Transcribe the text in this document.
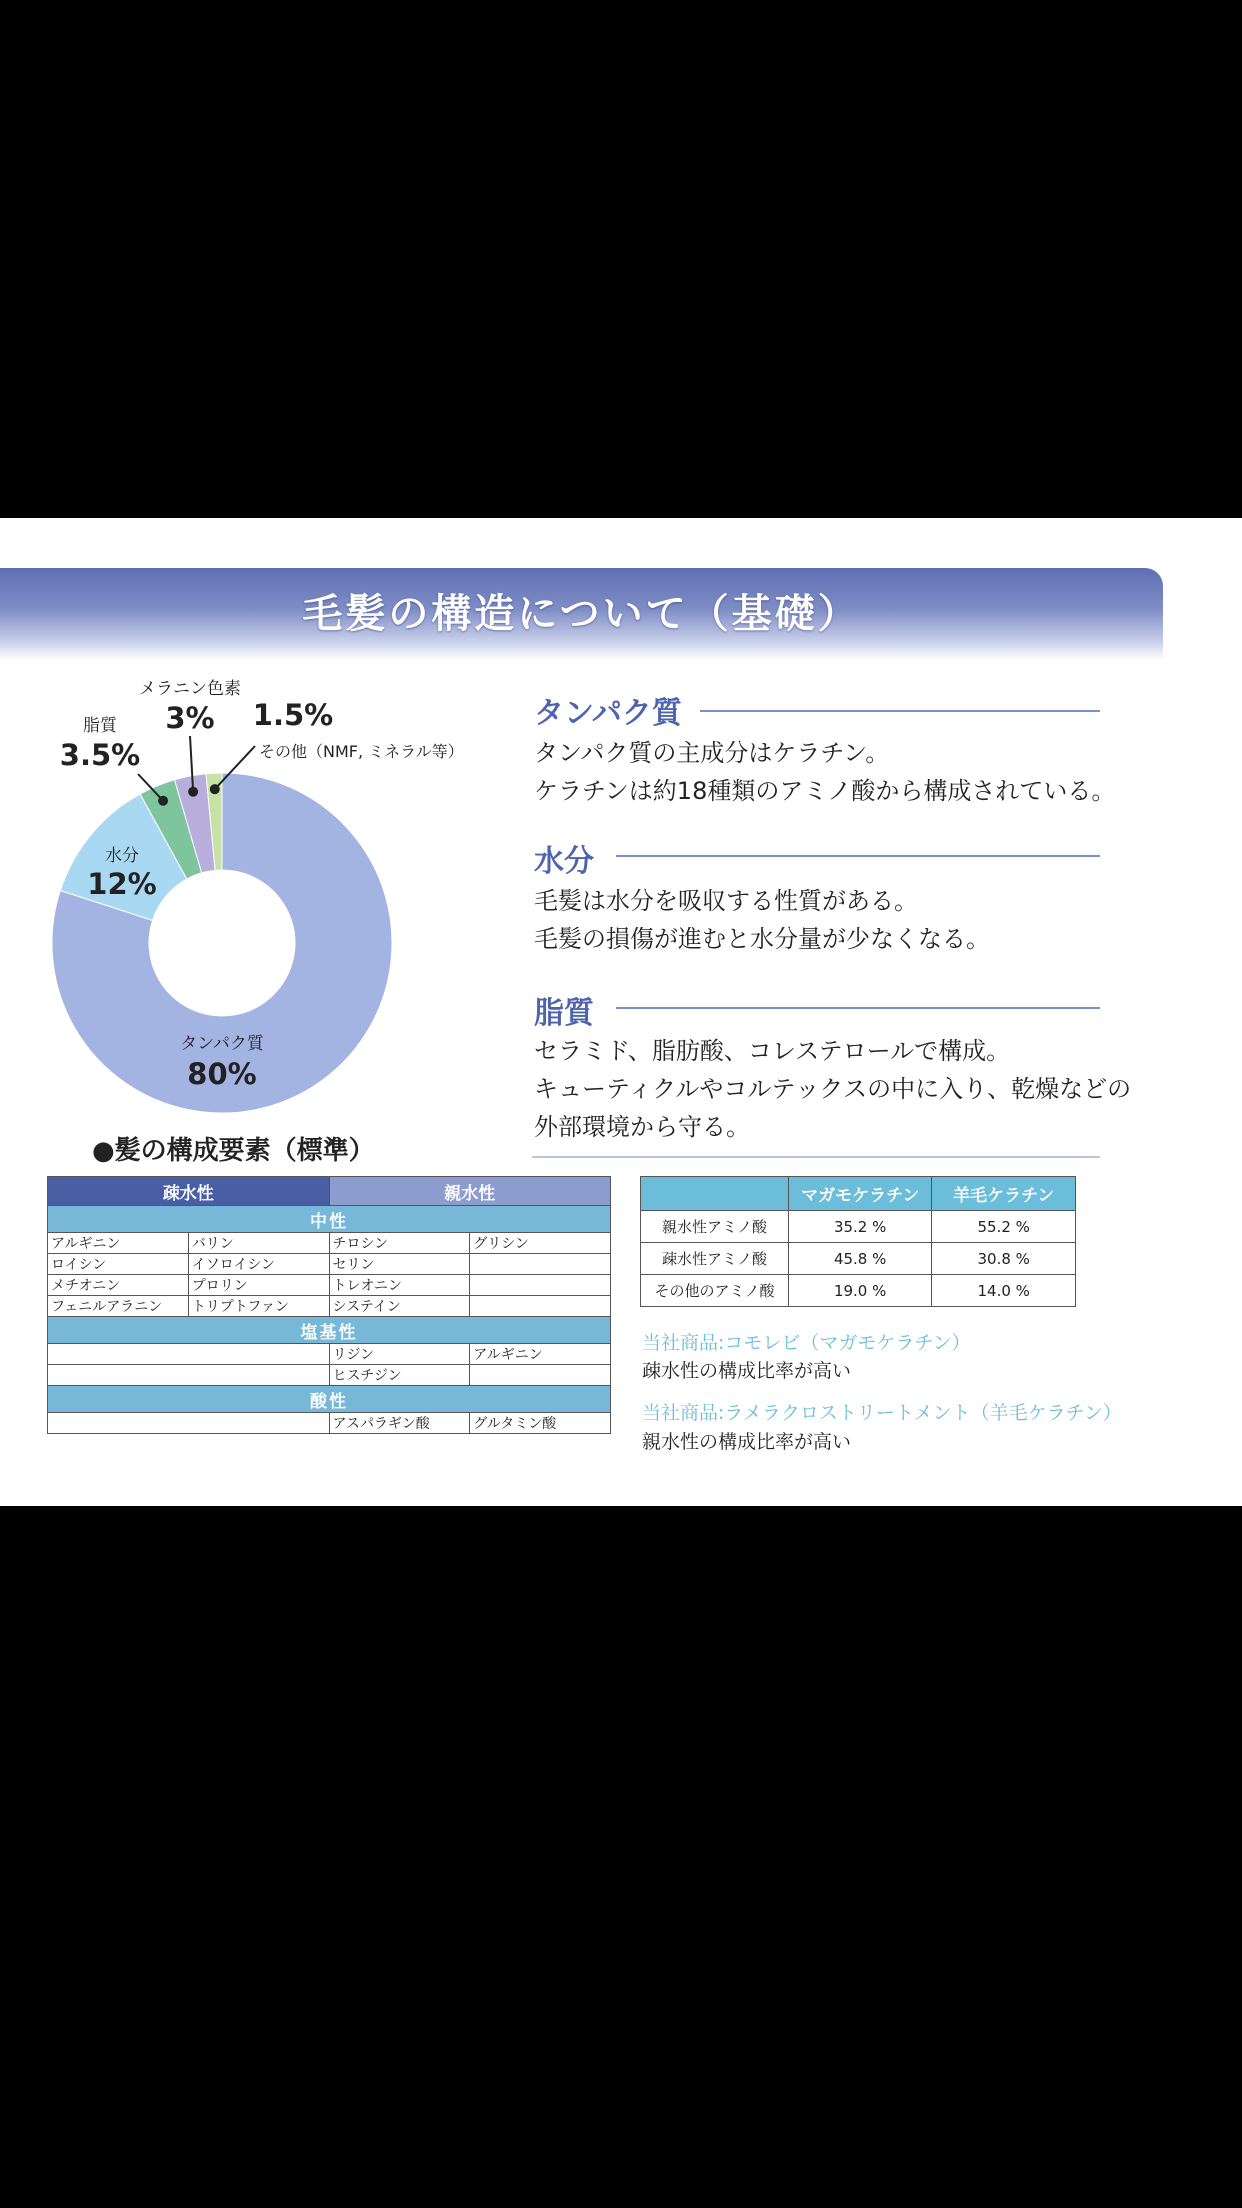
毛髪の構造について（基礎）
タンパク質
80%
水分
12%
脂質
3.5%
メラニン色素
3% 1.5%
その他（NMF, ミネラル等）
●髪の構成要素（標準）
タンパク質
タンパク質の主成分はケラチン。
ケラチンは約18種類のアミノ酸から構成されている。
水分
毛髪は水分を吸収する性質がある。
毛髪の損傷が進むと水分量が少なくなる。
脂質
セラミド、脂肪酸、コレステロールで構成。
キューティクルやコルテックスの中に入り、乾燥などの
外部環境から守る。
疎水性		親水性	
中性			
アルギニン	バリン	チロシン	グリシン
ロイシン	イソロイシン	セリン	
メチオニン	プロリン	トレオニン	
フェニルアラニン	トリプトファン	システイン	
塩基性			
		リジン	アルギニン
		ヒスチジン	
酸性			
		アスパラギン酸	グルタミン酸
	マガモケラチン	羊毛ケラチン
親水性アミノ酸	35.2 %	55.2 %
疎水性アミノ酸	45.8 %	30.8 %
その他のアミノ酸	19.0 %	14.0 %
当社商品:コモレビ（マガモケラチン）
疎水性の構成比率が高い
当社商品:ラメラクロストリートメント（羊毛ケラチン）
親水性の構成比率が高い
